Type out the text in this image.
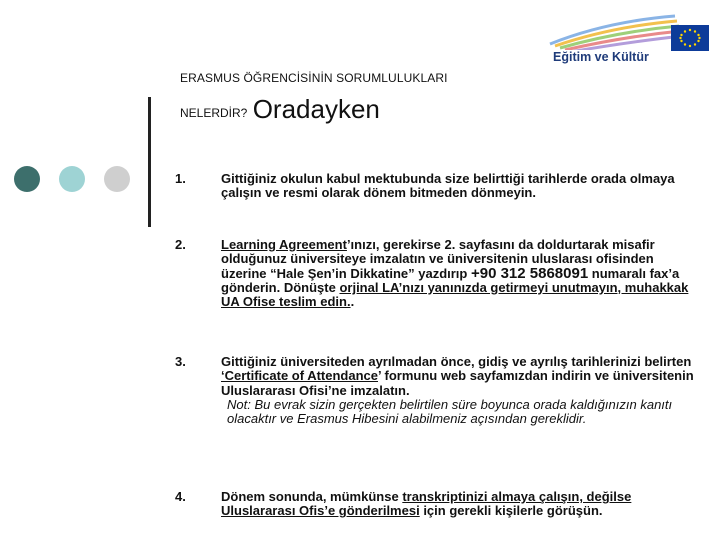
Eğitim ve Kültür
ERASMUS ÖĞRENCİSİNİN SORUMLULUKLARI
NELERDİR? Oradayken
1.	Gittiğiniz okulun kabul mektubunda size belirttiği tarihlerde orada olmaya çalışın ve resmi olarak dönem bitmeden dönmeyin.
2.	Learning Agreement’ınızı, gerekirse 2. sayfasını da doldurtarak misafir olduğunuz üniversiteye imzalatın ve üniversitenin uluslarası ofisinden üzerine “Hale Şen’in Dikkatine” yazdırıp +90 312 5868091 numaralı fax’a gönderin. Dönüşte orjinal LA’nızı yanınızda getirmeyi unutmayın, muhakkak UA Ofise teslim edin..
3.	Gittiğiniz üniversiteden ayrılmadan önce, gidiş ve ayrılış tarihlerinizi belirten ‘Certificate of Attendance’ formunu web sayfamızdan indirin ve üniversitenin Uluslararası Ofisi’ne imzalatın.
Not: Bu evrak sizin gerçekten belirtilen süre boyunca orada kaldığınızın kanıtı olacaktır ve Erasmus Hibesini alabilmeniz açısından gereklidir.
4.	Dönem sonunda, mümkünse transkriptinizi almaya çalışın, değilse Uluslararası Ofis’e gönderilmesi için gerekli kişilerle görüşün.
